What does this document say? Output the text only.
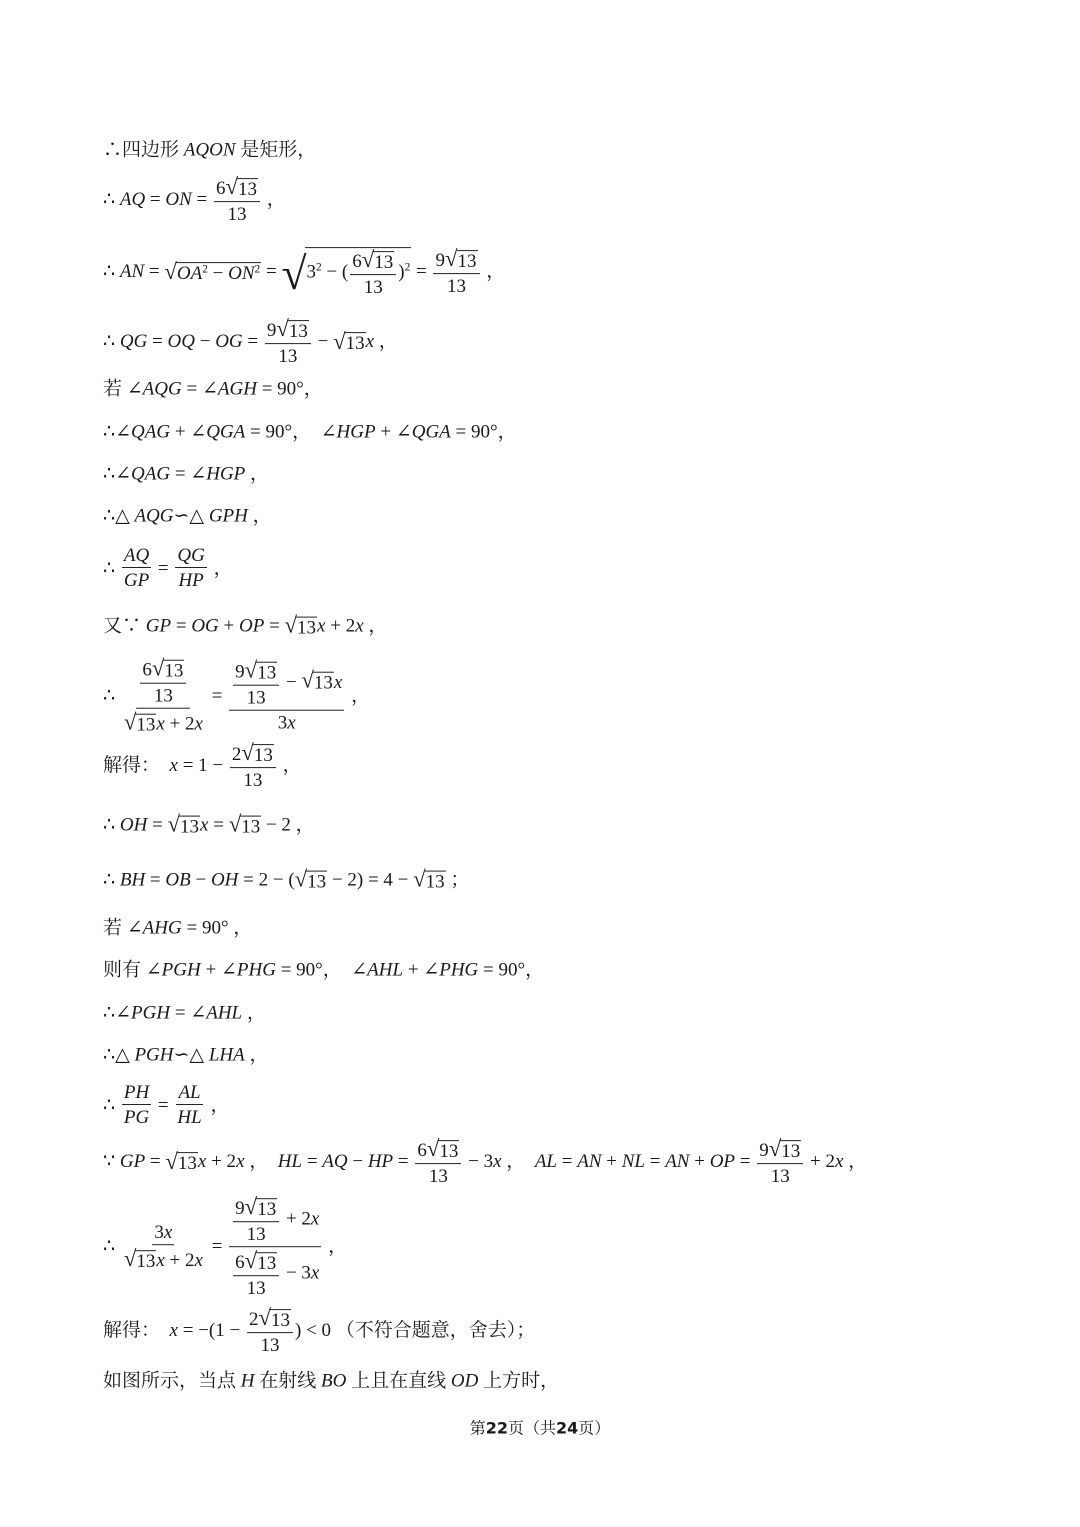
∴四边形 AQON 是矩形，
∴ AQ = ON = $\frac{6 √ 13}{13}$ ，
∴ AN = √ $OA^2 - ON^2$ = √ $3^2$ − ( $\frac{6 √ 13}{13} )^2 = \frac{9 √ 13}{13}$ ，
∴ QG = OQ − OG = $\frac{9 √ 13}{13}$ − √ 13 x ，
若 ∠ AQG = ∠ AGH = 90°，
∴∠ QAG + ∠ QGA = 90°，  ∠ HGP + ∠ QGA = 90°，
∴∠ QAG = ∠ HGP ，
∴△ AQG ∽△ GPH ，
∴ $\frac{AQ}{GP} = \frac{QG}{HP}$ ，
又∵ GP = OG + OP = √ 13 x + 2 x ，
∴ $\frac{\frac{6 √ 13}{13}}{√ 13 x + 2x} = \frac{\frac{9 √ 13}{13} - √ 13 x}{3x}$ ，
解得： $x = 1 - \frac{2 √ 13}{13}$ ，
∴ OH = √ 13 x = √ 13 − 2 ，
∴ BH = OB − OH = 2 − ( √ 13 − 2) = 4 − √ 13 ；
若 ∠ AHG = 90° ，
则有 ∠ PGH + ∠ PHG = 90°，  ∠ AHL + ∠ PHG = 90°，
∴∠ PGH = ∠ AHL ，
∴△ PGH ∽△ LHA ，
∴ $\frac{PH}{PG} = \frac{AL}{HL}$ ，
∵ GP = √ 13 x + 2 x ， HL = AQ − HP = $\frac{6 √ 13}{13} - 3$ x ， AL = AN + NL = AN + OP = $\frac{9 √ 13}{13} + 2$ x ，
∴ $\frac{3x}{√ 13 x + 2x} = \frac{\frac{9 √ 13}{13} + 2x}{\frac{6 √ 13}{13} - 3x}$ ，
解得： $x = -(1 - \frac{2 √ 13}{13}$ ) < 0 （不符合题意，舍去）；
如图所示，当点 H 在射线 BO 上且在直线 OD 上方时，
第22页（共24页）
